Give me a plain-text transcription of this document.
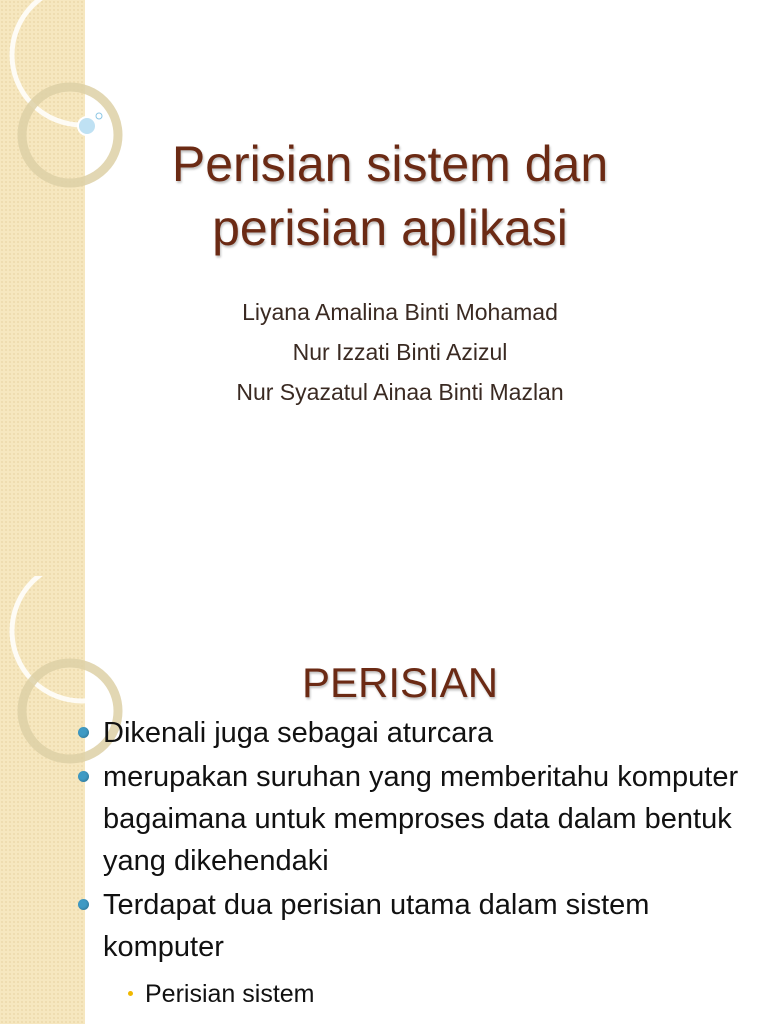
Perisian sistem dan perisian aplikasi
Liyana Amalina Binti Mohamad
Nur Izzati Binti Azizul
Nur Syazatul Ainaa Binti Mazlan
PERISIAN
Dikenali juga sebagai aturcara
merupakan suruhan yang memberitahu komputer bagaimana untuk memproses data dalam bentuk yang dikehendaki
Terdapat dua perisian utama dalam sistem komputer
Perisian sistem
